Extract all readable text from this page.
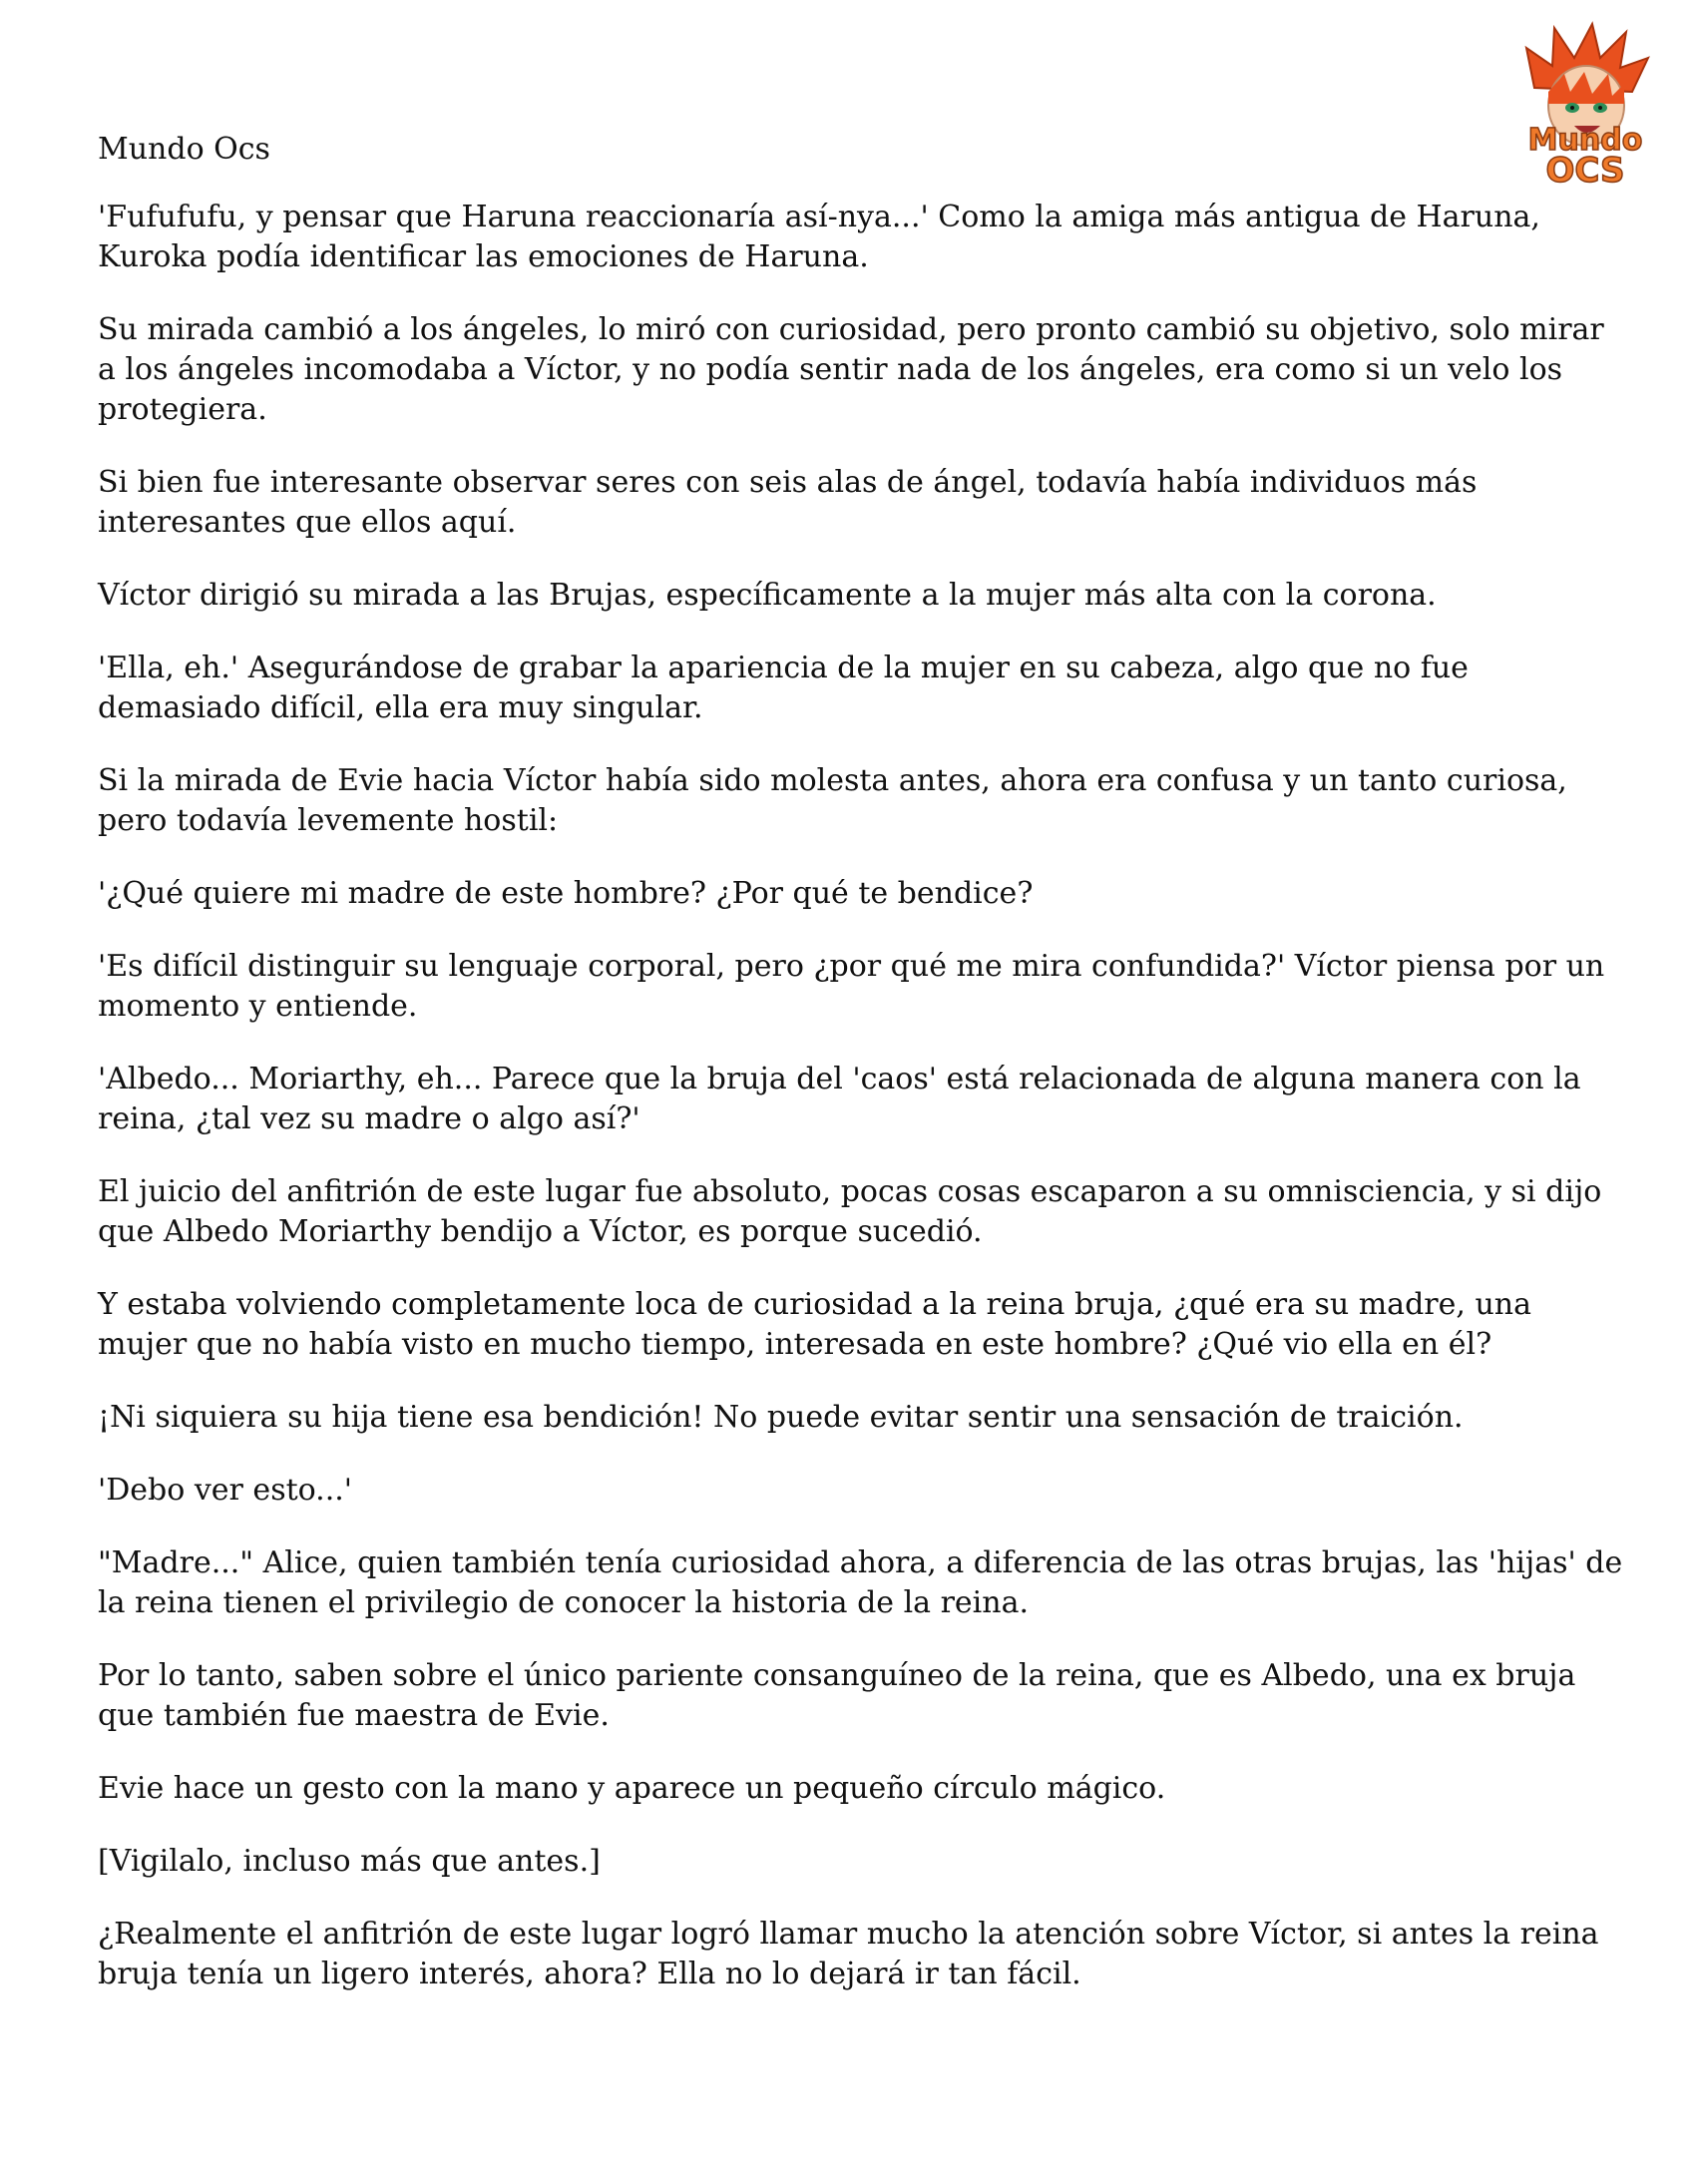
Mundo
OCS
Mundo Ocs
'Fufufufu, y pensar que Haruna reaccionaría así-nya...' Como la amiga más antigua de Haruna, Kuroka podía identificar las emociones de Haruna.
Su mirada cambió a los ángeles, lo miró con curiosidad, pero pronto cambió su objetivo, solo mirar a los ángeles incomodaba a Víctor, y no podía sentir nada de los ángeles, era como si un velo los protegiera.
Si bien fue interesante observar seres con seis alas de ángel, todavía había individuos más interesantes que ellos aquí.
Víctor dirigió su mirada a las Brujas, específicamente a la mujer más alta con la corona.
'Ella, eh.' Asegurándose de grabar la apariencia de la mujer en su cabeza, algo que no fue demasiado difícil, ella era muy singular.
Si la mirada de Evie hacia Víctor había sido molesta antes, ahora era confusa y un tanto curiosa, pero todavía levemente hostil:
'¿Qué quiere mi madre de este hombre? ¿Por qué te bendice?
'Es difícil distinguir su lenguaje corporal, pero ¿por qué me mira confundida?' Víctor piensa por un momento y entiende.
'Albedo... Moriarthy, eh... Parece que la bruja del 'caos' está relacionada de alguna manera con la reina, ¿tal vez su madre o algo así?'
El juicio del anfitrión de este lugar fue absoluto, pocas cosas escaparon a su omnisciencia, y si dijo que Albedo Moriarthy bendijo a Víctor, es porque sucedió.
Y estaba volviendo completamente loca de curiosidad a la reina bruja, ¿qué era su madre, una mujer que no había visto en mucho tiempo, interesada en este hombre? ¿Qué vio ella en él?
¡Ni siquiera su hija tiene esa bendición! No puede evitar sentir una sensación de traición.
'Debo ver esto...'
"Madre..." Alice, quien también tenía curiosidad ahora, a diferencia de las otras brujas, las 'hijas' de la reina tienen el privilegio de conocer la historia de la reina.
Por lo tanto, saben sobre el único pariente consanguíneo de la reina, que es Albedo, una ex bruja que también fue maestra de Evie.
Evie hace un gesto con la mano y aparece un pequeño círculo mágico.
[Vigilalo, incluso más que antes.]
¿Realmente el anfitrión de este lugar logró llamar mucho la atención sobre Víctor, si antes la reina bruja tenía un ligero interés, ahora? Ella no lo dejará ir tan fácil.
